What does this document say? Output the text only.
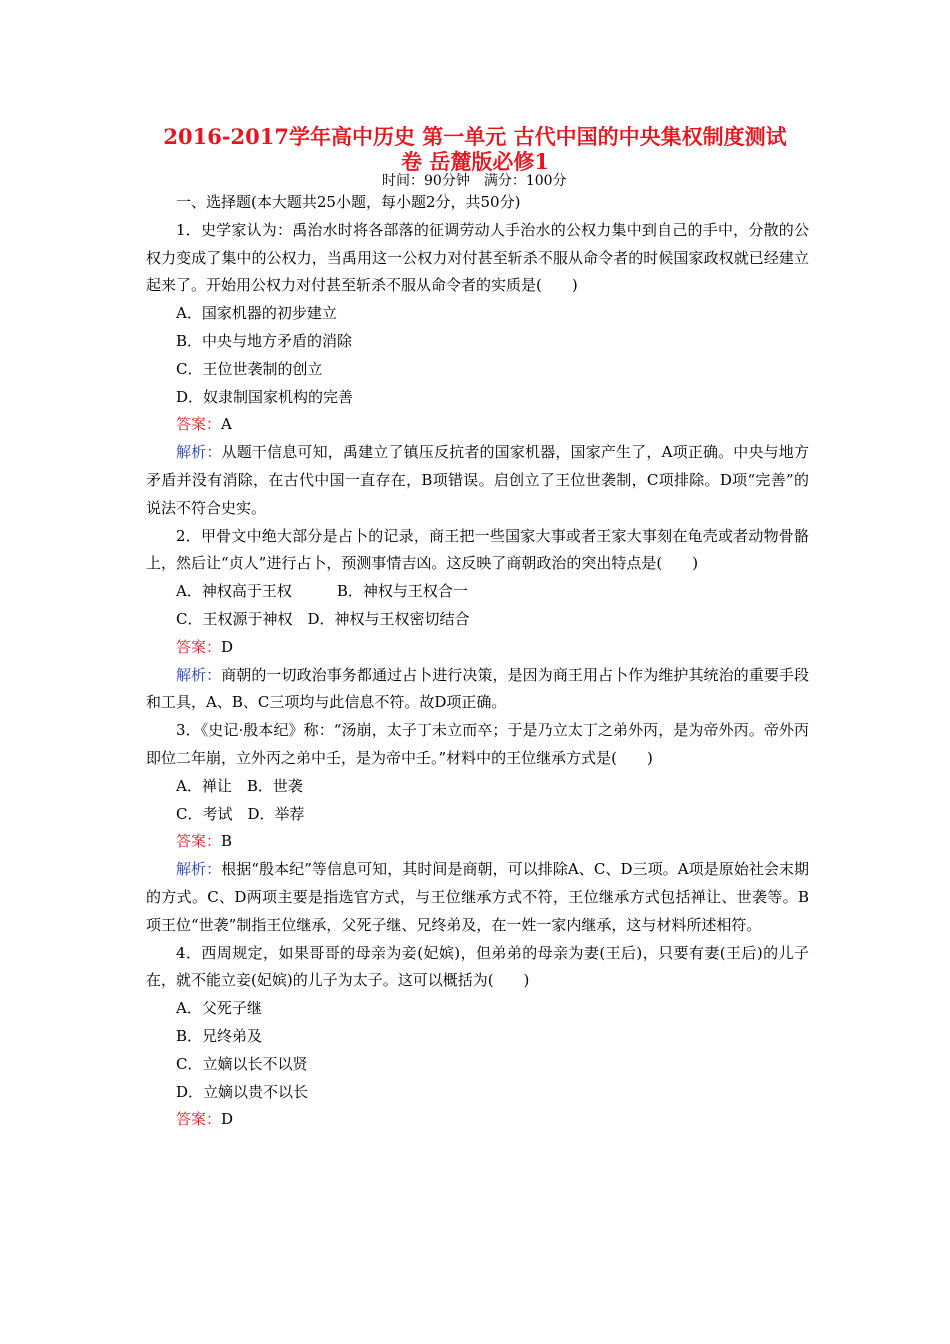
2016-2017学年高中历史 第一单元 古代中国的中央集权制度测试
卷 岳麓版必修1
时间：90分钟　满分：100分

一、选择题(本大题共25小题，每小题2分，共50分)

1．史学家认为：禹治水时将各部落的征调劳动人手治水的公权力集中到自己的手中，分散的公权力变成了集中的公权力，当禹用这一公权力对付甚至斩杀不服从命令者的时候国家政权就已经建立起来了。开始用公权力对付甚至斩杀不服从命令者的实质是(　　)

A．国家机器的初步建立

B．中央与地方矛盾的消除

C．王位世袭制的创立

D．奴隶制国家机构的完善

答案：A

解析：从题干信息可知，禹建立了镇压反抗者的国家机器，国家产生了，A项正确。中央与地方矛盾并没有消除，在古代中国一直存在，B项错误。启创立了王位世袭制，C项排除。D项“完善”的说法不符合史实。

2．甲骨文中绝大部分是占卜的记录，商王把一些国家大事或者王家大事刻在龟壳或者动物骨骼上，然后让“贞人”进行占卜，预测事情吉凶。这反映了商朝政治的突出特点是(　　)

A．神权高于王权　　　B．神权与王权合一

C．王权源于神权　D．神权与王权密切结合

答案：D

解析：商朝的一切政治事务都通过占卜进行决策，是因为商王用占卜作为维护其统治的重要手段和工具，A、B、C三项均与此信息不符。故D项正确。

3．《史记·殷本纪》称：“汤崩，太子丁未立而卒；于是乃立太丁之弟外丙，是为帝外丙。帝外丙即位二年崩，立外丙之弟中壬，是为帝中壬。”材料中的王位继承方式是(　　)

A．禅让　B．世袭

C．考试　D．举荐

答案：B

解析：根据“殷本纪”等信息可知，其时间是商朝，可以排除A、C、D三项。A项是原始社会末期的方式。C、D两项主要是指选官方式，与王位继承方式不符，王位继承方式包括禅让、世袭等。B项王位“世袭”制指王位继承，父死子继、兄终弟及，在一姓一家内继承，这与材料所述相符。

4．西周规定，如果哥哥的母亲为妾(妃嫔)，但弟弟的母亲为妻(王后)，只要有妻(王后)的儿子在，就不能立妾(妃嫔)的儿子为太子。这可以概括为(　　)

A．父死子继

B．兄终弟及

C．立嫡以长不以贤

D．立嫡以贵不以长

答案：D
